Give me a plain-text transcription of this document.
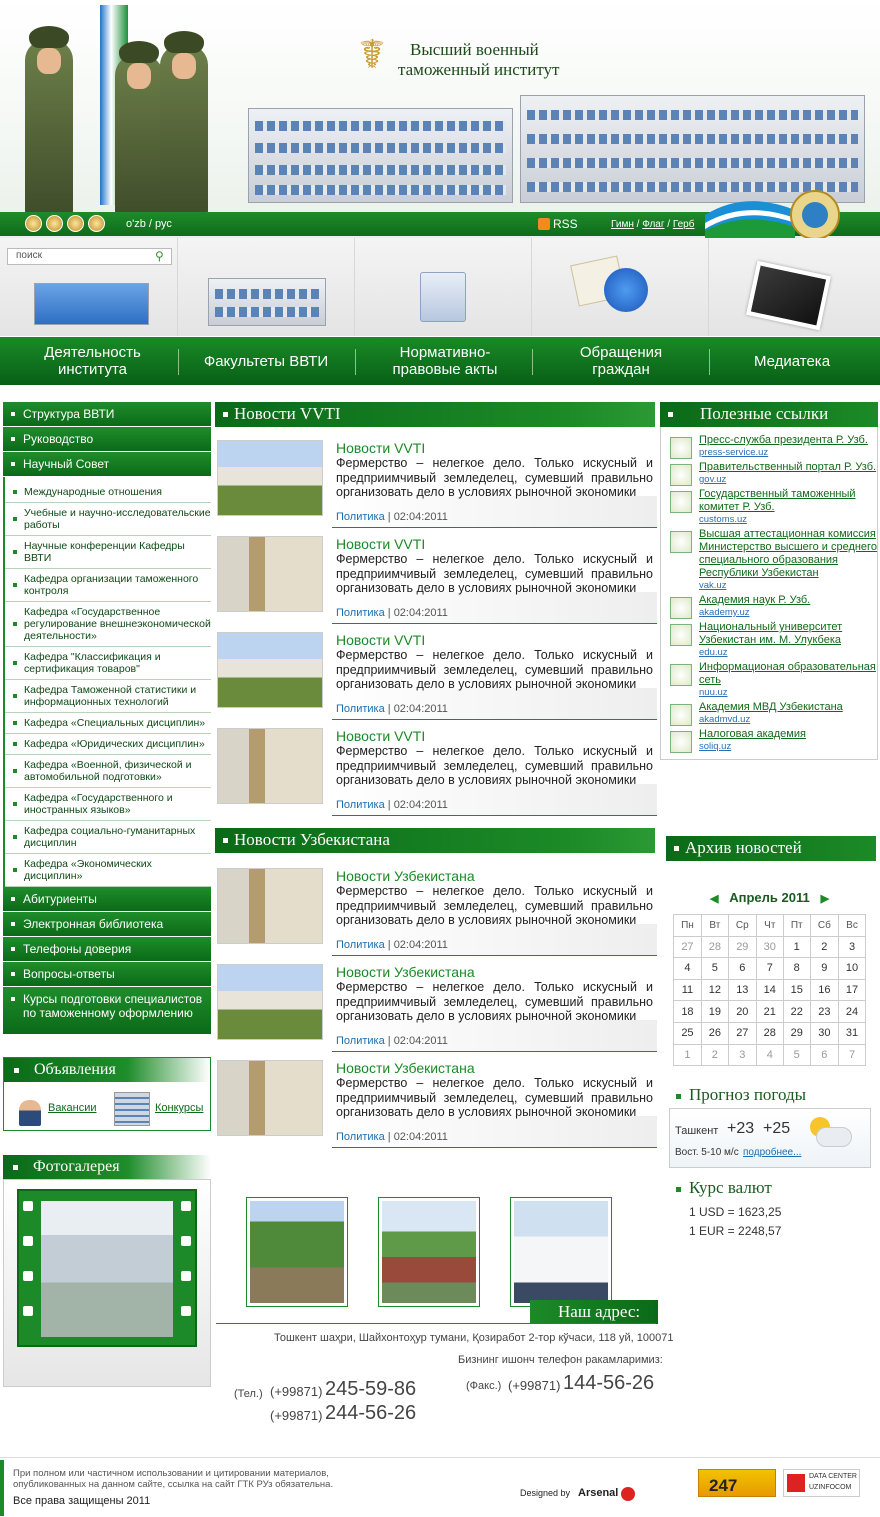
☤	Высший военный
таможенный институт
o'zb / рус	RSS	Гимн / Флаг / Герб
поиск	⚲
Деятельность института	Факультеты ВВТИ	Нормативно-правовые акты
Обращения граждан	Медиатека
Структура ВВТИ
Руководство
Научный Совет
Международные отношения
Учебные и научно-исследовательские работы
Научные конференции Кафедры ВВТИ
Кафедра организации таможенного контроля
Кафедра «Государственное регулирование внешнеэкономической деятельности»
Кафедра "Классификация и сертификация товаров"
Кафедра Таможенной статистики и информационных технологий
Кафедра «Специальных дисциплин»
Кафедра «Юридических дисциплин»
Кафедра «Военной, физической и автомобильной подготовки»
Кафедра «Государственного и иностранных языков»
Кафедра социально-гуманитарных дисциплин
Кафедра «Экономических дисциплин»
Абитуриенты
Электронная библиотека
Телефоны доверия
Вопросы-ответы
Курсы подготовки специалистов по таможенному оформлению
Объявления
Вакансии	Конкурсы
Фотогалерея
Новости VVTI
Новости VVTI
Фермерство – нелегкое дело. Только искусный и предприимчивый земледелец, сумевший правильно организовать дело в условиях рыночной экономики
Политика | 02:04:2011
Новости VVTI
Фермерство – нелегкое дело. Только искусный и предприимчивый земледелец, сумевший правильно организовать дело в условиях рыночной экономики
Политика | 02:04:2011
Новости VVTI
Фермерство – нелегкое дело. Только искусный и предприимчивый земледелец, сумевший правильно организовать дело в условиях рыночной экономики
Политика | 02:04:2011
Новости VVTI
Фермерство – нелегкое дело. Только искусный и предприимчивый земледелец, сумевший правильно организовать дело в условиях рыночной экономики
Политика | 02:04:2011
Новости Узбекистана
Новости Узбекистана
Фермерство – нелегкое дело. Только искусный и предприимчивый земледелец, сумевший правильно организовать дело в условиях рыночной экономики
Политика | 02:04:2011
Новости Узбекистана
Фермерство – нелегкое дело. Только искусный и предприимчивый земледелец, сумевший правильно организовать дело в условиях рыночной экономики
Политика | 02:04:2011
Новости Узбекистана
Фермерство – нелегкое дело. Только искусный и предприимчивый земледелец, сумевший правильно организовать дело в условиях рыночной экономики
Политика | 02:04:2011
Наш адрес:
Тошкент шаҳри, Шайхонтоҳур тумани, Қозиработ 2-тор кўчаси, 118 уй, 100071
Бизнинг ишонч телефон ракамларимиз:
(Тел.) (+99871) 245-59-86
(+99871) 244-56-26
(Факс.) (+99871) 144-56-26
Полезные ссылки
Пресс-служба президента Р. Узб.
press-service.uz
Правительственный портал Р. Узб.
gov.uz
Государственный таможенный комитет Р. Узб.
customs.uz
Высшая аттестационная комиссия Министерство высшего и среднего специального образования Республики Узбекистан
vak.uz
Академия наук Р. Узб.
akademy.uz
Национальный университет Узбекистан им. М. Улукбека
edu.uz
Информационая образовательная сеть
nuu.uz
Академия МВД Узбекистана
akadmvd.uz
Налоговая академия
soliq.uz
Архив новостей
◀ Апрель 2011 ▶
Пн	Вт	Ср	Чт	Пт	Сб	Вс
27	28	29	30	1	2	3
4	5	6	7	8	9	10
11	12	13	14	15	16	17
18	19	20	21	22	23	24
25	26	27	28	29	30	31
1	2	3	4	5	6	7
Прогноз погоды
Ташкент +23 +25
Вост. 5-10 м/с подробнее...
Курс валют
1 USD = 1623,25
1 EUR = 2248,57
При полном или частичном использовании и цитировании материалов, опубликованных на данном сайте, ссылка на сайт ГТК РУз обязательна.
Все права защищены 2011
Designed by Arsenal	247	DATA CENTER
UZINFOCOM
